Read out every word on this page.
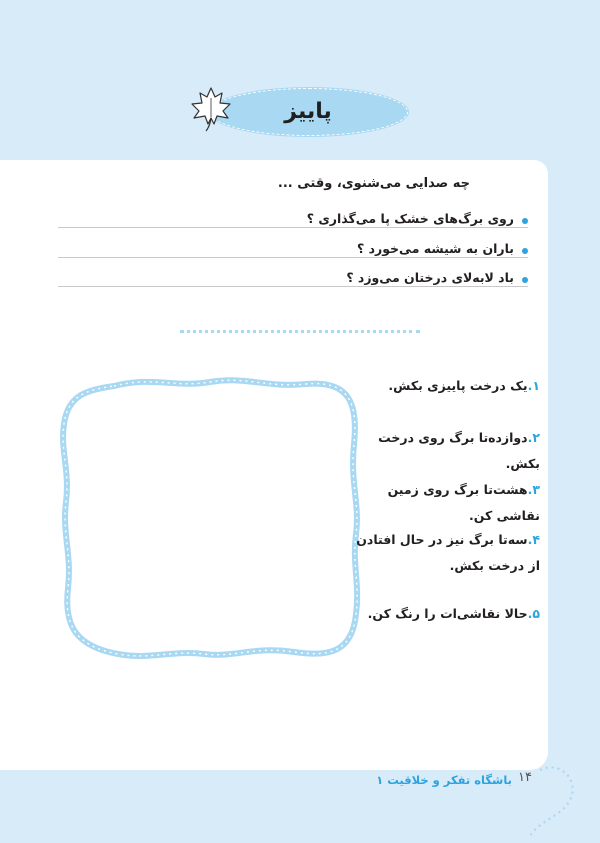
پاییز
چه صدایی می‌شنوی، وقتی ...
روی برگ‌های خشک پا می‌گذاری ؟
باران به شیشه می‌خورد ؟
باد لابه‌لای درختان می‌وزد ؟
۱.یک درخت پاییزی بکش.
۲.دوازده‌تا برگ روی درخت بکش.
۳.هشت‌تا برگ روی زمین نقاشی کن.
۴.سه‌تا برگ نیز در حال افتادن از درخت بکش.
۵.حالا نقاشی‌ات را رنگ کن.
باشگاه تفکر و خلاقیت ۱ ۱۴
